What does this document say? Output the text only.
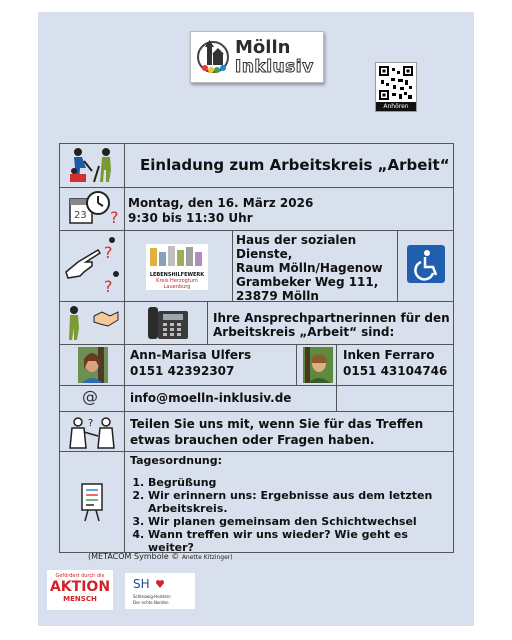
Mölln
Inklusiv
Anhören
Einladung zum Arbeitskreis „Arbeit“
23 ?
Montag, den 16. März 2026
9:30 bis 11:30 Uhr
?
?
LEBENSHILFEWERK
Kreis Herzogtum
Lauenburg
Haus der sozialen
Dienste,
Raum Mölln/Hagenow
Grambeker Weg 111,
23879 Mölln
Ihre Ansprechpartnerinnen für den
Arbeitskreis „Arbeit“ sind:
Ann-Marisa Ulfers
0151 42392307
Inken Ferraro
0151 43104746
@	info@moelln-inklusiv.de
?	Teilen Sie uns mit, wenn Sie für das Treffen
etwas brauchen oder Fragen haben.
Tagesordnung:
1. Begrüßung
2. Wir erinnern uns: Ergebnisse aus dem letzten Arbeitskreis.
3. Wir planen gemeinsam den Schichtwechsel
4. Wann treffen wir uns wieder? Wie geht es weiter?
(METACOM Symbole © Anette Kitzinger)
Gefördert durch die
AKTION
MENSCH
SH
Schleswig-Holstein
Der echte Norden
